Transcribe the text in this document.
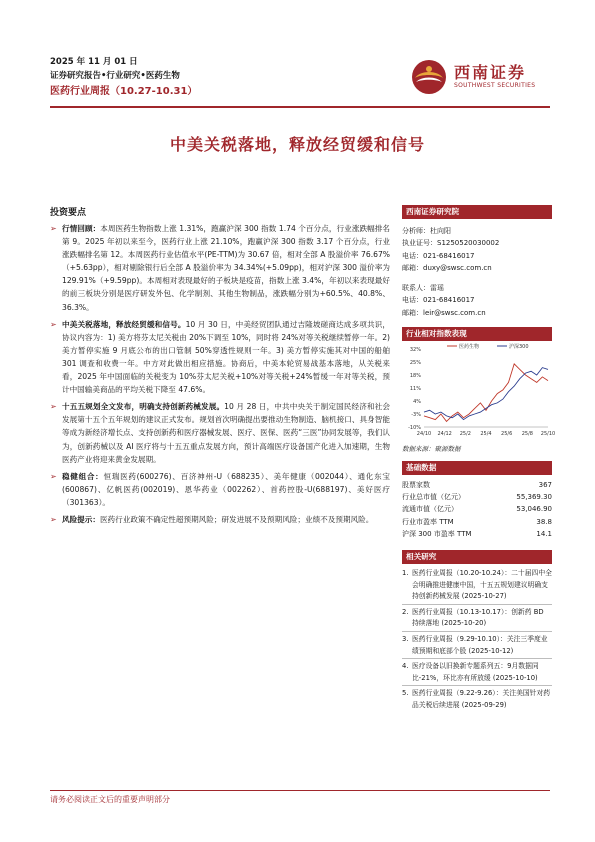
2025 年 11 月 01 日
证券研究报告•行业研究•医药生物
医药行业周报（10.27-10.31）
西南证券
SOUTHWEST SECURITIES
中美关税落地，释放经贸缓和信号
投资要点
➢ 行情回顾：本周医药生物指数上涨 1.31%，跑赢沪深 300 指数 1.74 个百分点，行业涨跌幅排名第 9。2025 年初以来至今，医药行业上涨 21.10%，跑赢沪深 300 指数 3.17 个百分点，行业涨跌幅排名第 12。本周医药行业估值水平(PE-TTM)为 30.67 倍，相对全部 A 股溢价率 76.67%（+5.63pp），相对剔除银行后全部 A 股溢价率为 34.34%(+5.09pp)，相对沪深 300 溢价率为 129.91%（+9.59pp)。本周相对表现最好的子板块是疫苗，指数上涨 3.4%，年初以来表现最好的前三板块分别是医疗研发外包、化学制剂、其他生物制品，涨跌幅分别为+60.5%、40.8%、36.3%。
➢ 中美关税落地，释放经贸缓和信号。10 月 30 日，中美经贸团队通过吉隆坡磋商达成多项共识，协议内容为：1) 美方将芬太尼关税由 20%下调至 10%，同时将 24%对等关税继续暂停一年。2) 美方暂停实施 9 月底公布的出口管制 50%穿透性规则一年。3) 美方暂停实施其对中国的船舶 301 调查和收费一年。中方对此做出相应措施。协商后，中美本轮贸易战基本落地，从关税来看，2025 年中国面临的关税变为 10%芬太尼关税+10%对等关税+24%暂缓一年对等关税，预计中国输美商品的平均关税下降至 47.6%。
➢ 十五五规划全文发布，明确支持创新药械发展。10 月 28 日，中共中央关于制定国民经济和社会发展第十五个五年规划的建议正式发布。规划首次明确提出要推动生物制造、脑机接口、具身智能等成为新经济增长点、支持创新药和医疗器械发展、医疗、医保、医药“三医”协同发展等，我们认为，创新药械以及 AI 医疗将与十五五重点发展方向，预计高端医疗设备国产化进入加速期，生物医药产业将迎来黄金发展期。
➢ 稳健组合：恒瑞医药(600276)、百济神州-U（688235）、美年健康（002044）、通化东宝(600867)、亿帆医药(002019)、恩华药业（002262）、首药控股-U(688197)、美好医疗（301363）。
➢ 风险提示：医药行业政策不确定性超预期风险；研发进展不及预期风险；业绩不及预期风险。
西南证券研究院
分析师：杜向阳
执业证号：S1250520030002
电话：021-68416017
邮箱：duxy@swsc.com.cn
联系人：雷瑶
电话：021-68416017
邮箱：leir@swsc.com.cn
行业相对指数表现
-10%
-3%
4%
11%
18%
25%
32%
24/10 24/12 25/2 25/4 25/6 25/8 25/10
医药生物	沪深300
数据来源：聚源数据
基础数据
股票家数	367
行业总市值（亿元）	55,369.30
流通市值（亿元）	53,046.90
行业市盈率 TTM	38.8
沪深 300 市盈率 TTM	14.1
相关研究
1. 医药行业周报（10.20-10.24）：二十届四中全会明确推进健康中国，十五五规划建议明确支持创新药械发展 (2025-10-27)
2. 医药行业周报（10.13-10.17）：创新药 BD 持续落地 (2025-10-20)
3. 医药行业周报（9.29-10.10）：关注三季度业绩预期和底部个股 (2025-10-12)
4. 医疗设备以旧换新专题系列五：9月数据同比-21%，环比亦有所放缓 (2025-10-10)
5. 医药行业周报（9.22-9.26）：关注美国针对药品关税后续进展 (2025-09-29)
请务必阅读正文后的重要声明部分
